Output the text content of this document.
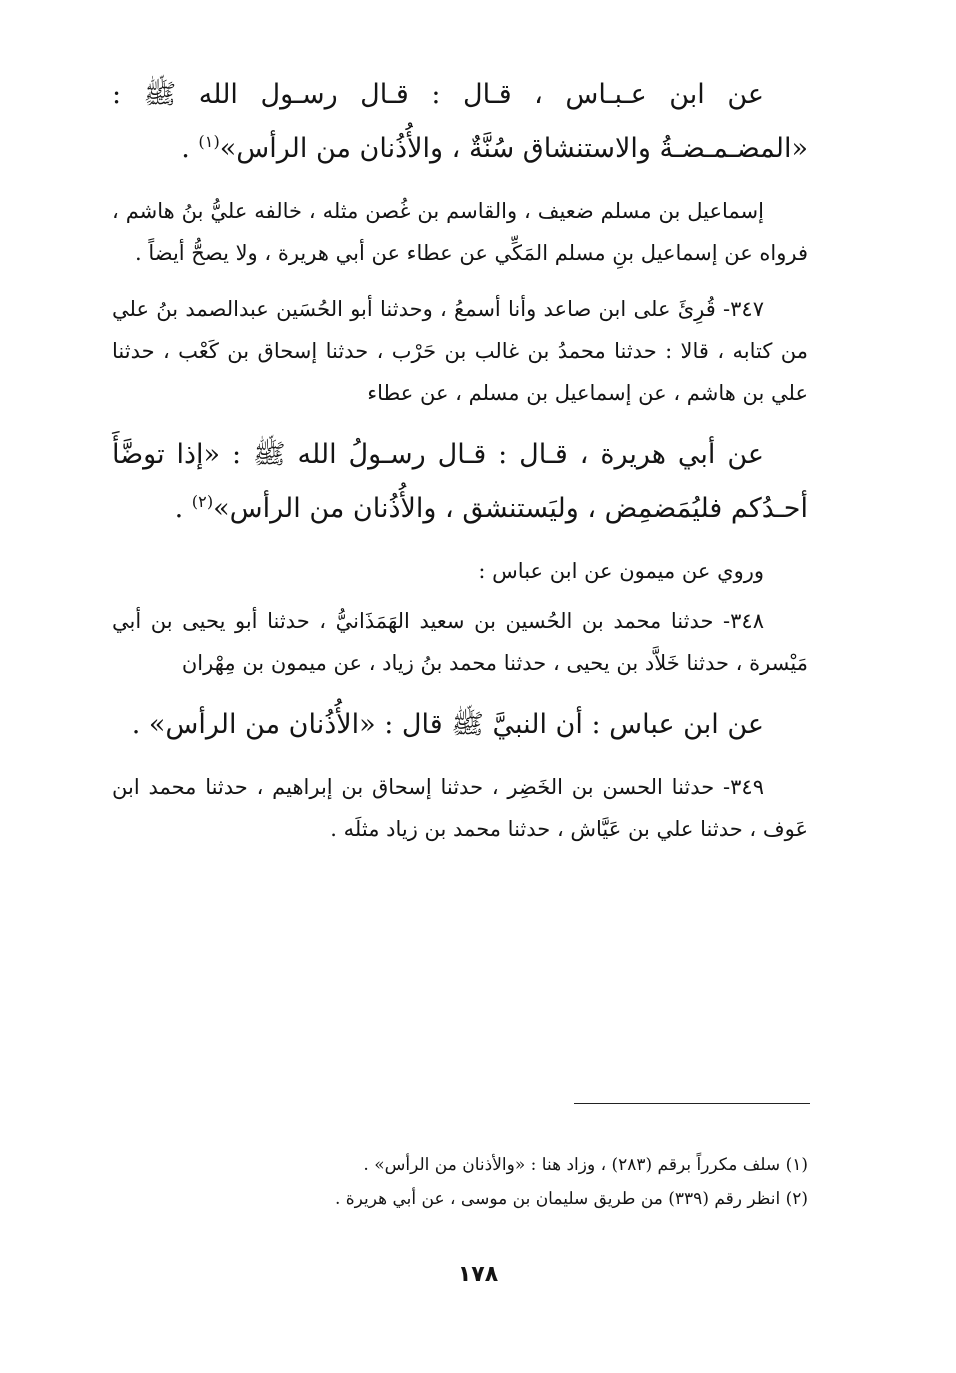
عن ابن عـبـاس ، قـال : قـال رسـول الله ﷺ : «المضـمـضـةُ والاستنشاق سُنَّةٌ ، والأُذُنان من الرأس»$^{(١)}$ .

إسماعيل بن مسلم ضعيف ، والقاسم بن غُصن مثله ، خالفه عليُّ بنُ هاشم ، فرواه عن إسماعيل بنِ مسلم المَكِّي عن عطاء عن أبي هريرة ، ولا يصحُّ أيضاً .

٣٤٧- قُرِئَ على ابن صاعد وأنا أسمعُ ، وحدثنا أبو الحُسَين عبدالصمد بنُ علي من كتابه ، قالا : حدثنا محمدُ بن غالب بن حَرْب ، حدثنا إسحاق بن كَعْب ، حدثنا علي بن هاشم ، عن إسماعيل بن مسلم ، عن عطاء

عن أبي هريرة ، قـال : قـال رسـولُ الله ﷺ : «إذا توضَّأَ أحـدُكم فليُمَضمِض ، وليَستنشق ، والأُذُنان من الرأس»$^{(٢)}$ .

وروي عن ميمون عن ابن عباس :

٣٤٨- حدثنا محمد بن الحُسين بن سعيد الهَمَذَانيُّ ، حدثنا أبو يحيى بن أبي مَيْسرة ، حدثنا خَلاَّد بن يحيى ، حدثنا محمد بنُ زياد ، عن ميمون بن مِهْران

عن ابن عباس : أن النبيَّ ﷺ قال : «الأُذُنان من الرأس» .

٣٤٩- حدثنا الحسن بن الخَضِر ، حدثنا إسحاق بن إبراهيم ، حدثنا محمد ابن عَوف ، حدثنا علي بن عَيَّاش ، حدثنا محمد بن زياد مثلَه .

(١) سلف مكرراً برقم (٢٨٣) ، وزاد هنا : «والأذنان من الرأس» .

(٢) انظر رقم (٣٣٩) من طريق سليمان بن موسى ، عن أبي هريرة .

١٧٨
